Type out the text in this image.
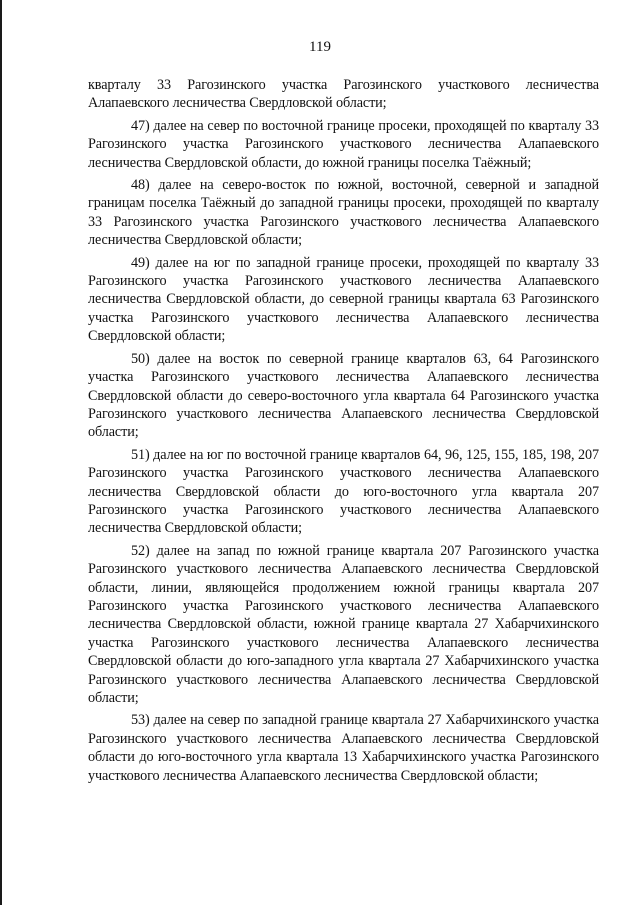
119

кварталу 33 Рагозинского участка Рагозинского участкового лесничества Алапаевского лесничества Свердловской области;

47) далее на север по восточной границе просеки, проходящей по кварталу 33 Рагозинского участка Рагозинского участкового лесничества Алапаевского лесничества Свердловской области, до южной границы поселка Таёжный;

48) далее на северо-восток по южной, восточной, северной и западной границам поселка Таёжный до западной границы просеки, проходящей по кварталу 33 Рагозинского участка Рагозинского участкового лесничества Алапаевского лесничества Свердловской области;

49) далее на юг по западной границе просеки, проходящей по кварталу 33 Рагозинского участка Рагозинского участкового лесничества Алапаевского лесничества Свердловской области, до северной границы квартала 63 Рагозинского участка Рагозинского участкового лесничества Алапаевского лесничества Свердловской области;

50) далее на восток по северной границе кварталов 63, 64 Рагозинского участка Рагозинского участкового лесничества Алапаевского лесничества Свердловской области до северо-восточного угла квартала 64 Рагозинского участка Рагозинского участкового лесничества Алапаевского лесничества Свердловской области;

51) далее на юг по восточной границе кварталов 64, 96, 125, 155, 185, 198, 207 Рагозинского участка Рагозинского участкового лесничества Алапаевского лесничества Свердловской области до юго-восточного угла квартала 207 Рагозинского участка Рагозинского участкового лесничества Алапаевского лесничества Свердловской области;

52) далее на запад по южной границе квартала 207 Рагозинского участка Рагозинского участкового лесничества Алапаевского лесничества Свердловской области, линии, являющейся продолжением южной границы квартала 207 Рагозинского участка Рагозинского участкового лесничества Алапаевского лесничества Свердловской области, южной границе квартала 27 Хабарчихинского участка Рагозинского участкового лесничества Алапаевского лесничества Свердловской области до юго-западного угла квартала 27 Хабарчихинского участка Рагозинского участкового лесничества Алапаевского лесничества Свердловской области;

53) далее на север по западной границе квартала 27 Хабарчихинского участка Рагозинского участкового лесничества Алапаевского лесничества Свердловской области до юго-восточного угла квартала 13 Хабарчихинского участка Рагозинского участкового лесничества Алапаевского лесничества Свердловской области;
